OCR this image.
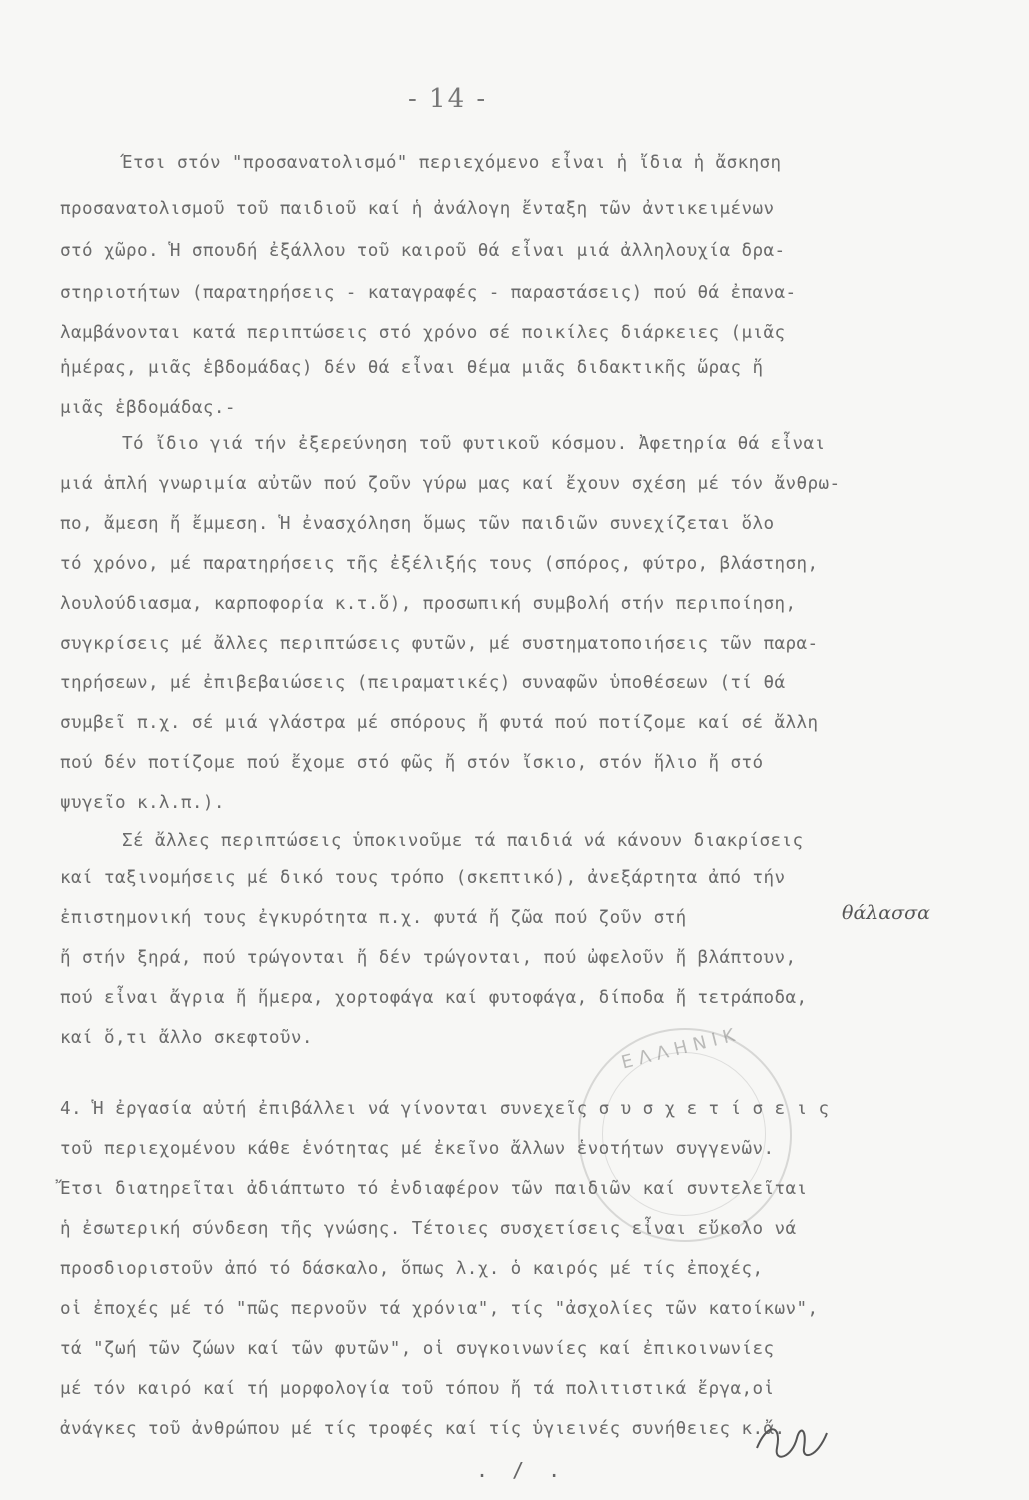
- 14 -
Έτσι στόν "προσανατολισμό" περιεχόμενο εἶναι ἡ ἴδια ἡ ἄσκηση
προσανατολισμοῦ τοῦ παιδιοῦ καί ἡ ἀνάλογη ἔνταξη τῶν ἀντικειμένων
στό χῶρο. Ἡ σπουδή ἐξάλλου τοῦ καιροῦ θά εἶναι μιά ἀλληλουχία δρα-
στηριοτήτων (παρατηρήσεις - καταγραφές - παραστάσεις) πού θά ἐπανα-
λαμβάνονται κατά περιπτώσεις στό χρόνο σέ ποικίλες διάρκειες (μιᾶς
ἡμέρας, μιᾶς ἑβδομάδας) δέν θά εἶναι θέμα μιᾶς διδακτικῆς ὥρας ἤ
μιᾶς ἑβδομάδας.-
Τό ἴδιο γιά τήν ἐξερεύνηση τοῦ φυτικοῦ κόσμου. Ἀφετηρία θά εἶναι
μιά ἁπλή γνωριμία αὐτῶν πού ζοῦν γύρω μας καί ἔχουν σχέση μέ τόν ἄνθρω-
πο, ἄμεση ἤ ἔμμεση. Ἡ ἐνασχόληση ὅμως τῶν παιδιῶν συνεχίζεται ὅλο
τό χρόνο, μέ παρατηρήσεις τῆς ἐξέλιξής τους (σπόρος, φύτρο, βλάστηση,
λουλούδιασμα, καρποφορία κ.τ.ὅ), προσωπική συμβολή στήν περιποίηση,
συγκρίσεις μέ ἄλλες περιπτώσεις φυτῶν, μέ συστηματοποιήσεις τῶν παρα-
τηρήσεων, μέ ἐπιβεβαιώσεις (πειραματικές) συναφῶν ὑποθέσεων (τί θά
συμβεῖ π.χ. σέ μιά γλάστρα μέ σπόρους ἤ φυτά πού ποτίζομε καί σέ ἄλλη
πού δέν ποτίζομε πού ἔχομε στό φῶς ἤ στόν ἴσκιο, στόν ἥλιο ἤ στό
ψυγεῖο κ.λ.π.).
Σέ ἄλλες περιπτώσεις ὑποκινοῦμε τά παιδιά νά κάνουν διακρίσεις
καί ταξινομήσεις μέ δικό τους τρόπο (σκεπτικό), ἀνεξάρτητα ἀπό τήν
ἐπιστημονική τους ἐγκυρότητα π.χ. φυτά ἤ ζῶα πού ζοῦν στή	θάλασσα
ἤ στήν ξηρά, πού τρώγονται ἤ δέν τρώγονται, πού ὠφελοῦν ἤ βλάπτουν,
πού εἶναι ἄγρια ἤ ἥμερα, χορτοφάγα καί φυτοφάγα, δίποδα ἤ τετράποδα,
καί ὅ,τι ἄλλο σκεφτοῦν.
4. Ἡ ἐργασία αὐτή ἐπιβάλλει νά γίνονται συνεχεῖς σ υ σ χ ε τ ί σ ε ι ς
τοῦ περιεχομένου κάθε ἑνότητας μέ ἐκεῖνο ἄλλων ἑνοτήτων συγγενῶν.
Ἔτσι διατηρεῖται ἀδιάπτωτο τό ἐνδιαφέρον τῶν παιδιῶν καί συντελεῖται
ἡ ἐσωτερική σύνδεση τῆς γνώσης. Τέτοιες συσχετίσεις εἶναι εὔκολο νά
προσδιοριστοῦν ἀπό τό δάσκαλο, ὅπως λ.χ. ὁ καιρός μέ τίς ἐποχές,
οἱ ἐποχές μέ τό "πῶς περνοῦν τά χρόνια", τίς "ἀσχολίες τῶν κατοίκων",
τά "ζωή τῶν ζώων καί τῶν φυτῶν", οἱ συγκοινωνίες καί ἐπικοινωνίες
μέ τόν καιρό καί τή μορφολογία τοῦ τόπου ἤ τά πολιτιστικά ἔργα,οἱ
ἀνάγκες τοῦ ἀνθρώπου μέ τίς τροφές καί τίς ὑγιεινές συνήθειες κ.ἄ.
ΕΛΛΗΝΙΚ
. / .
